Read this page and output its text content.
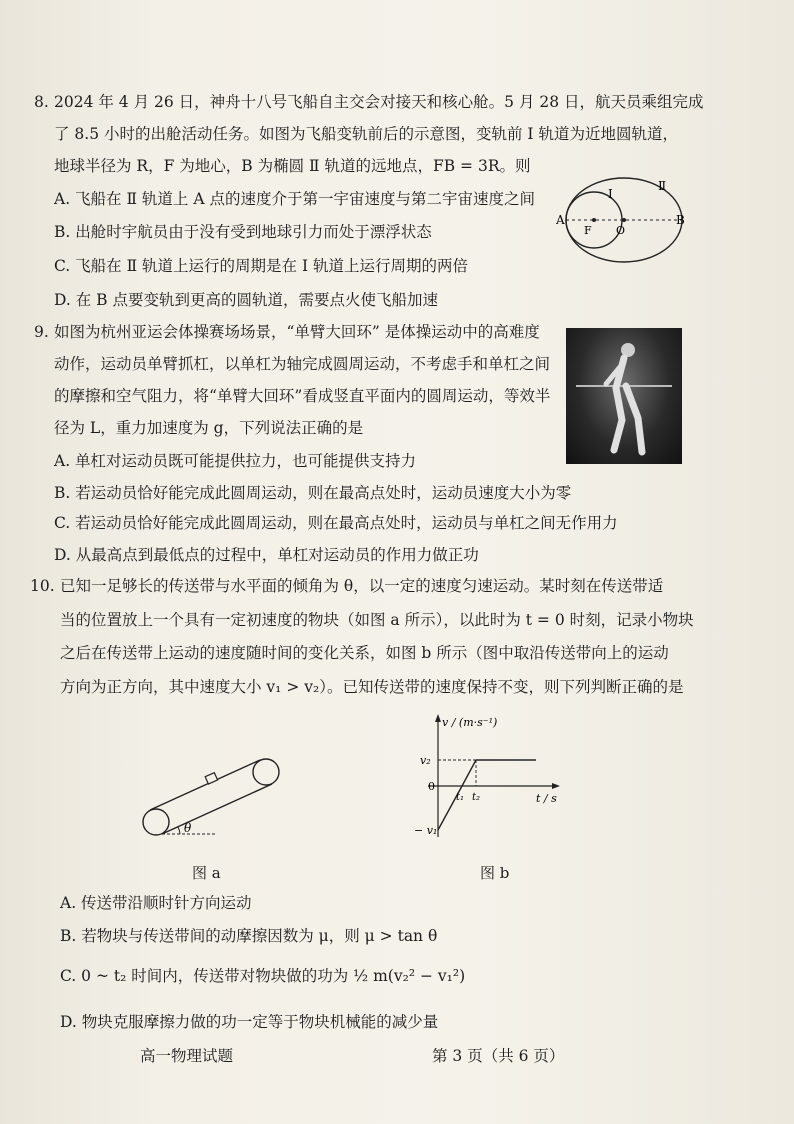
8. 2024 年 4 月 26 日，神舟十八号飞船自主交会对接天和核心舱。5 月 28 日，航天员乘组完成
了 8.5 小时的出舱活动任务。如图为飞船变轨前后的示意图，变轨前 Ⅰ 轨道为近地圆轨道，
地球半径为 R，F 为地心，B 为椭圆 Ⅱ 轨道的远地点，FB = 3R。则
A. 飞船在 Ⅱ 轨道上 A 点的速度介于第一宇宙速度与第二宇宙速度之间
B. 出舱时宇航员由于没有受到地球引力而处于漂浮状态
C. 飞船在 Ⅱ 轨道上运行的周期是在 Ⅰ 轨道上运行周期的两倍
D. 在 B 点要变轨到更高的圆轨道，需要点火使飞船加速
Ⅰ
Ⅱ
A	B
F O
9. 如图为杭州亚运会体操赛场场景，“单臂大回环” 是体操运动中的高难度
动作，运动员单臂抓杠，以单杠为轴完成圆周运动，不考虑手和单杠之间
的摩擦和空气阻力，将“单臂大回环”看成竖直平面内的圆周运动，等效半
径为 L，重力加速度为 g，下列说法正确的是
A. 单杠对运动员既可能提供拉力，也可能提供支持力
B. 若运动员恰好能完成此圆周运动，则在最高点处时，运动员速度大小为零
C. 若运动员恰好能完成此圆周运动，则在最高点处时，运动员与单杠之间无作用力
D. 从最高点到最低点的过程中，单杠对运动员的作用力做正功
10. 已知一足够长的传送带与水平面的倾角为 θ，以一定的速度匀速运动。某时刻在传送带适
当的位置放上一个具有一定初速度的物块（如图 a 所示），以此时为 t = 0 时刻，记录小物块
之后在传送带上运动的速度随时间的变化关系，如图 b 所示（图中取沿传送带向上的运动
方向为正方向，其中速度大小 v₁ > v₂）。已知传送带的速度保持不变，则下列判断正确的是
θ
图 a
v / (m·s⁻¹)
t / s
v₂
− v₁
0
t₁ t₂
图 b
A. 传送带沿顺时针方向运动
B. 若物块与传送带间的动摩擦因数为 μ，则 μ > tan θ
C. 0 ~ t₂ 时间内，传送带对物块做的功为 ½ m(v₂² − v₁²)
D. 物块克服摩擦力做的功一定等于物块机械能的减少量
高一物理试题	第 3 页（共 6 页）
